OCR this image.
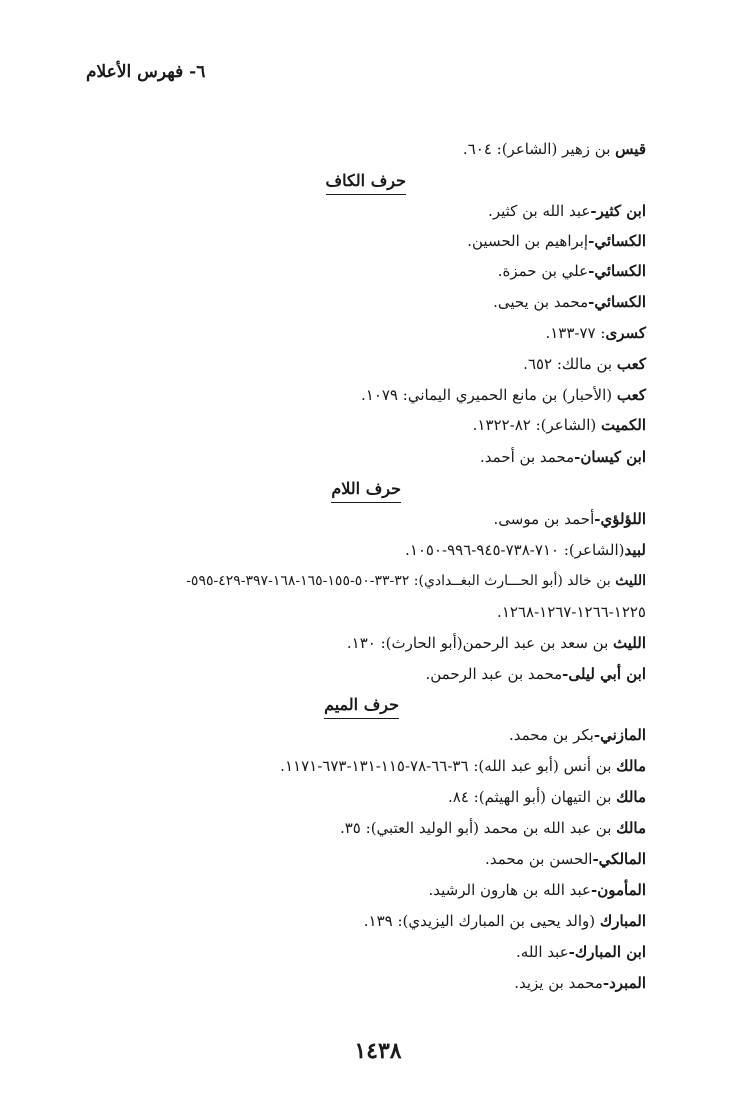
٦- فهرس الأعلام
قيس بن زهير (الشاعر): ٦٠٤.
حرف الكاف
ابن كثير-عبد الله بن كثير.
الكسائي-إبراهيم بن الحسين.
الكسائي-علي بن حمزة.
الكسائي-محمد بن يحيى.
كسرى: ٧٧-١٣٣.
كعب بن مالك: ٦٥٢.
كعب (الأحبار) بن مانع الحميري اليماني: ١٠٧٩.
الكميت (الشاعر): ٨٢-١٣٢٢.
ابن كيسان-محمد بن أحمد.
حرف اللام
اللؤلؤي-أحمد بن موسى.
لبيد(الشاعر): ٧١٠-٧٣٨-٩٤٥-٩٩٦-١٠٥٠.
الليث بن خالد (أبو الحـــارث البغــدادي): ٣٢-٣٣-٥٠-١٥٥-١٦٥-١٦٨-٣٩٧-٤٢٩-٥٩٥-
١٢٢٥-١٢٦٦-١٢٦٧-١٢٦٨.
الليث بن سعد بن عبد الرحمن(أبو الحارث): ١٣٠.
ابن أبي ليلى-محمد بن عبد الرحمن.
حرف الميم
المازني-بكر بن محمد.
مالك بن أنس (أبو عبد الله): ٣٦-٦٦-٧٨-١١٥-١٣١-٦٧٣-١١٧١.
مالك بن التيهان (أبو الهيثم): ٨٤.
مالك بن عبد الله بن محمد (أبو الوليد العتبي): ٣٥.
المالكي-الحسن بن محمد.
المأمون-عبد الله بن هارون الرشيد.
المبارك (والد يحيى بن المبارك اليزيدي): ١٣٩.
ابن المبارك-عبد الله.
المبرد-محمد بن يزيد.
١٤٣٨
